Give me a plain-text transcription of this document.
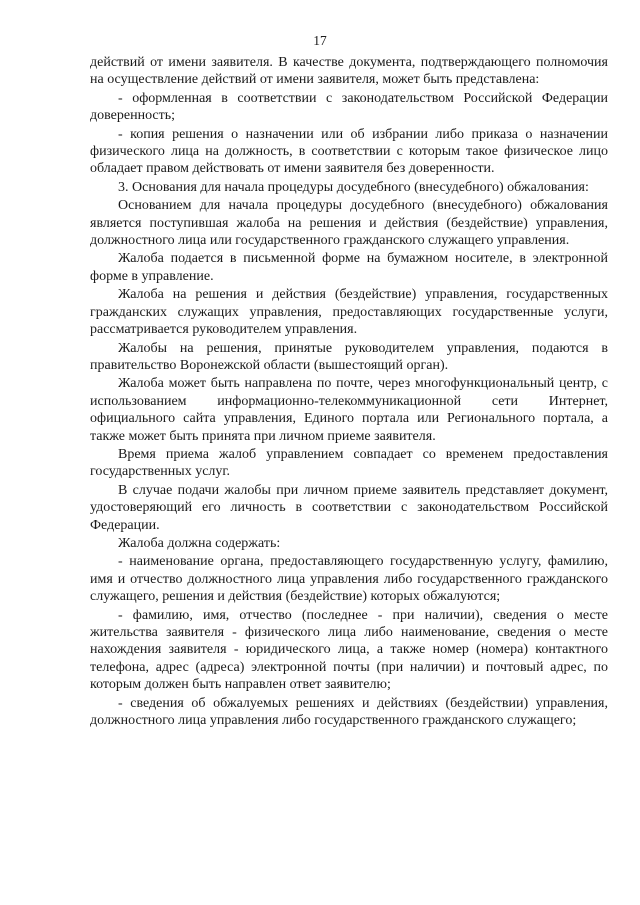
17

действий от имени заявителя. В качестве документа, подтверждающего полномочия на осуществление действий от имени заявителя, может быть представлена:

- оформленная в соответствии с законодательством Российской Федерации доверенность;

- копия решения о назначении или об избрании либо приказа о назначении физического лица на должность, в соответствии с которым такое физическое лицо обладает правом действовать от имени заявителя без доверенности.

3. Основания для начала процедуры досудебного (внесудебного) обжалования:

Основанием для начала процедуры досудебного (внесудебного) обжалования является поступившая жалоба на решения и действия (бездействие) управления, должностного лица или государственного гражданского служащего управления.

Жалоба подается в письменной форме на бумажном носителе, в электронной форме в управление.

Жалоба на решения и действия (бездействие) управления, государственных гражданских служащих управления, предоставляющих государственные услуги, рассматривается руководителем управления.

Жалобы на решения, принятые руководителем управления, подаются в правительство Воронежской области (вышестоящий орган).

Жалоба может быть направлена по почте, через многофункциональный центр, с использованием информационно-телекоммуникационной сети Интернет, официального сайта управления, Единого портала или Регионального портала, а также может быть принята при личном приеме заявителя.

Время приема жалоб управлением совпадает со временем предоставления государственных услуг.

В случае подачи жалобы при личном приеме заявитель представляет документ, удостоверяющий его личность в соответствии с законодательством Российской Федерации.

Жалоба должна содержать:

- наименование органа, предоставляющего государственную услугу, фамилию, имя и отчество должностного лица управления либо государственного гражданского служащего, решения и действия (бездействие) которых обжалуются;

- фамилию, имя, отчество (последнее - при наличии), сведения о месте жительства заявителя - физического лица либо наименование, сведения о месте нахождения заявителя - юридического лица, а также номер (номера) контактного телефона, адрес (адреса) электронной почты (при наличии) и почтовый адрес, по которым должен быть направлен ответ заявителю;

- сведения об обжалуемых решениях и действиях (бездействии) управления, должностного лица управления либо государственного гражданского служащего;
